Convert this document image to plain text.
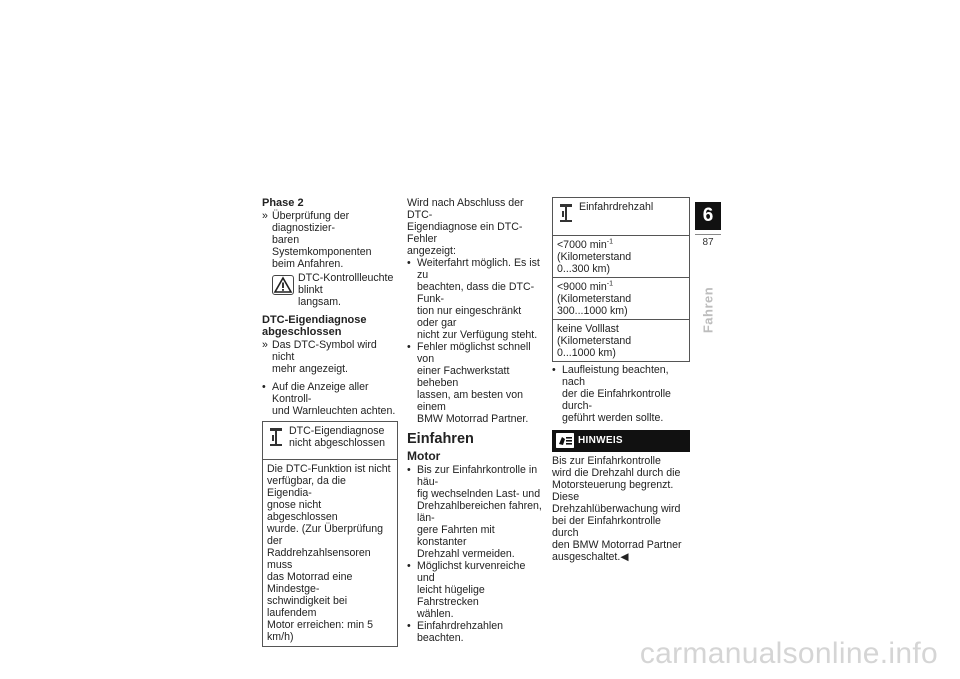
Phase 2

» Überprüfung der diagnostizier-
baren Systemkomponenten
beim Anfahren.
DTC-Kontrollleuchte blinkt
langsam.

DTC-Eigendiagnose
abgeschlossen

» Das DTC-Symbol wird nicht
mehr angezeigt.
• Auf die Anzeige aller Kontroll-
und Warnleuchten achten.
DTC-Eigendiagnose
nicht abgeschlossen
Die DTC-Funktion ist nicht
verfügbar, da die Eigendia-
gnose nicht abgeschlossen
wurde. (Zur Überprüfung der
Raddrehzahlsensoren muss
das Motorrad eine Mindestge-
schwindigkeit bei laufendem
Motor erreichen: min 5 km/h)
Wird nach Abschluss der DTC-
Eigendiagnose ein DTC-Fehler
angezeigt:
• Weiterfahrt möglich. Es ist zu
beachten, dass die DTC-Funk-
tion nur eingeschränkt oder gar
nicht zur Verfügung steht.
• Fehler möglichst schnell von
einer Fachwerkstatt beheben
lassen, am besten von einem
BMW Motorrad Partner.

Einfahren

Motor

• Bis zur Einfahrkontrolle in häu-
fig wechselnden Last- und
Drehzahlbereichen fahren, län-
gere Fahrten mit konstanter
Drehzahl vermeiden.
• Möglichst kurvenreiche und
leicht hügelige Fahrstrecken
wählen.
• Einfahrdrehzahlen beachten.
Einfahrdrehzahl
<7000 $\min^{-1}$ (Kilometerstand
0...300 km)
<9000 $\min^{-1}$ (Kilometerstand
300...1000 km)
keine Volllast (Kilometerstand
0...1000 km)
• Laufleistung beachten, nach
der die Einfahrkontrolle durch-
geführt werden sollte.
HINWEIS
Bis zur Einfahrkontrolle
wird die Drehzahl durch die
Motorsteuerung begrenzt. Diese
Drehzahlüberwachung wird
bei der Einfahrkontrolle durch
den BMW Motorrad Partner
ausgeschaltet.◀
6
87
Fahren
carmanualsonline.info
